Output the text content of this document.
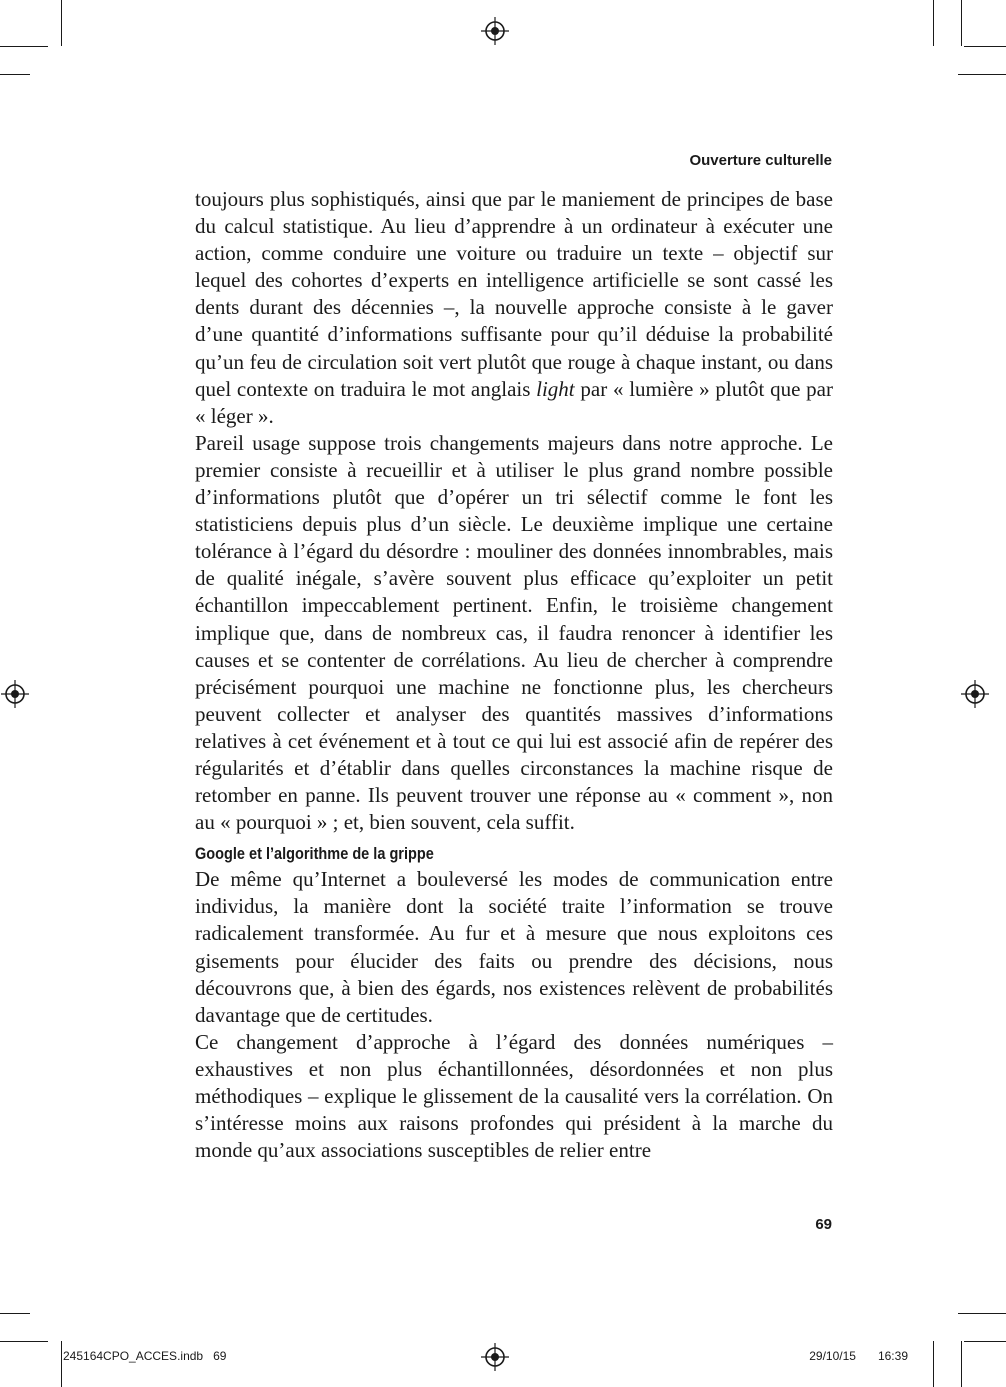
Ouverture culturelle

toujours plus sophistiqués, ainsi que par le maniement de principes de base du calcul statistique. Au lieu d’apprendre à un ordinateur à exécuter une action, comme conduire une voiture ou traduire un texte – objectif sur lequel des cohortes d’experts en intelligence artificielle se sont cassé les dents durant des décennies –, la nouvelle approche consiste à le gaver d’une quantité d’informations suffisante pour qu’il déduise la probabilité qu’un feu de circulation soit vert plutôt que rouge à chaque instant, ou dans quel contexte on traduira le mot anglais light par « lumière » plutôt que par « léger ».

Pareil usage suppose trois changements majeurs dans notre approche. Le premier consiste à recueillir et à utiliser le plus grand nombre possible d’informations plutôt que d’opérer un tri sélectif comme le font les statisticiens depuis plus d’un siècle. Le deuxième implique une certaine tolérance à l’égard du désordre : mouliner des données innombrables, mais de qualité inégale, s’avère souvent plus efficace qu’exploiter un petit échantillon impeccablement pertinent. Enfin, le troisième changement implique que, dans de nombreux cas, il faudra renoncer à identifier les causes et se contenter de corrélations. Au lieu de chercher à comprendre précisément pourquoi une machine ne fonctionne plus, les chercheurs peuvent collecter et analyser des quantités massives d’informations relatives à cet événement et à tout ce qui lui est associé afin de repérer des régularités et d’établir dans quelles circonstances la machine risque de retomber en panne. Ils peuvent trouver une réponse au « comment », non au « pourquoi » ; et, bien souvent, cela suffit.

Google et l’algorithme de la grippe

De même qu’Internet a bouleversé les modes de communication entre individus, la manière dont la société traite l’information se trouve radicalement transformée. Au fur et à mesure que nous exploitons ces gisements pour élucider des faits ou prendre des décisions, nous découvrons que, à bien des égards, nos existences relèvent de probabilités davantage que de certitudes.

Ce changement d’approche à l’égard des données numériques – exhaustives et non plus échantillonnées, désordonnées et non plus méthodiques – explique le glissement de la causalité vers la corrélation. On s’intéresse moins aux raisons profondes qui président à la marche du monde qu’aux associations susceptibles de relier entre

69
245164CPO_ACCES.indb   69	29/10/15   16:39
